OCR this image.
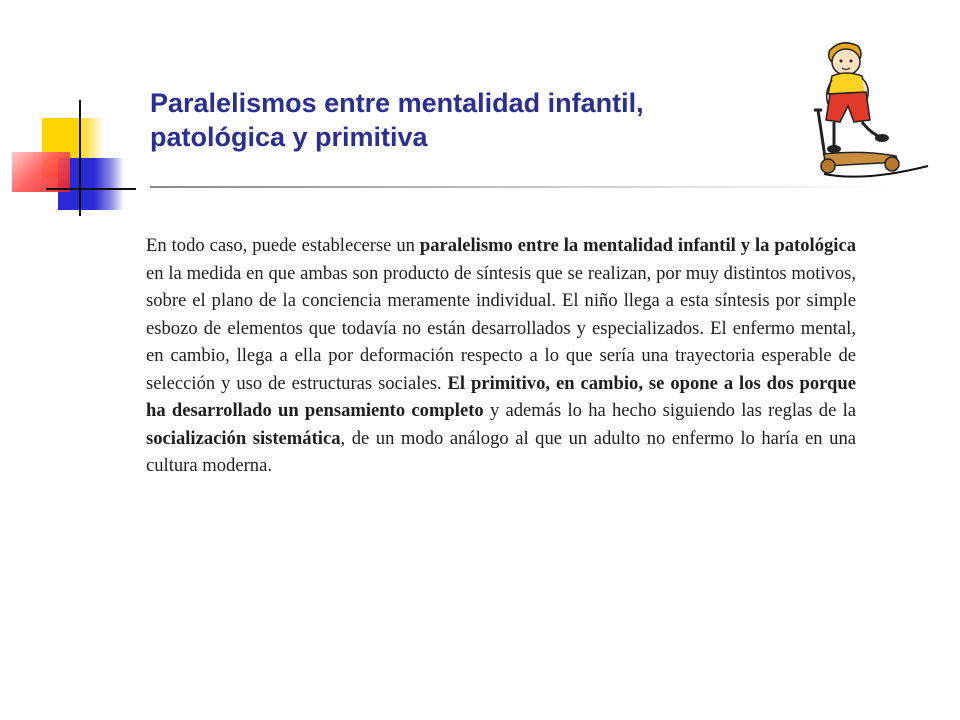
Paralelismos entre mentalidad infantil,
patológica y primitiva

En todo caso, puede establecerse un paralelismo entre la mentalidad infantil y la patológica en la medida en que ambas son producto de síntesis que se realizan, por muy distintos motivos, sobre el plano de la conciencia meramente individual. El niño llega a esta síntesis por simple esbozo de elementos que todavía no están desarrollados y especializados. El enfermo mental, en cambio, llega a ella por deformación respecto a lo que sería una trayectoria esperable de selección y uso de estructuras sociales. El primitivo, en cambio, se opone a los dos porque ha desarrollado un pensamiento completo y además lo ha hecho siguiendo las reglas de la socialización sistemática, de un modo análogo al que un adulto no enfermo lo haría en una cultura moderna.
